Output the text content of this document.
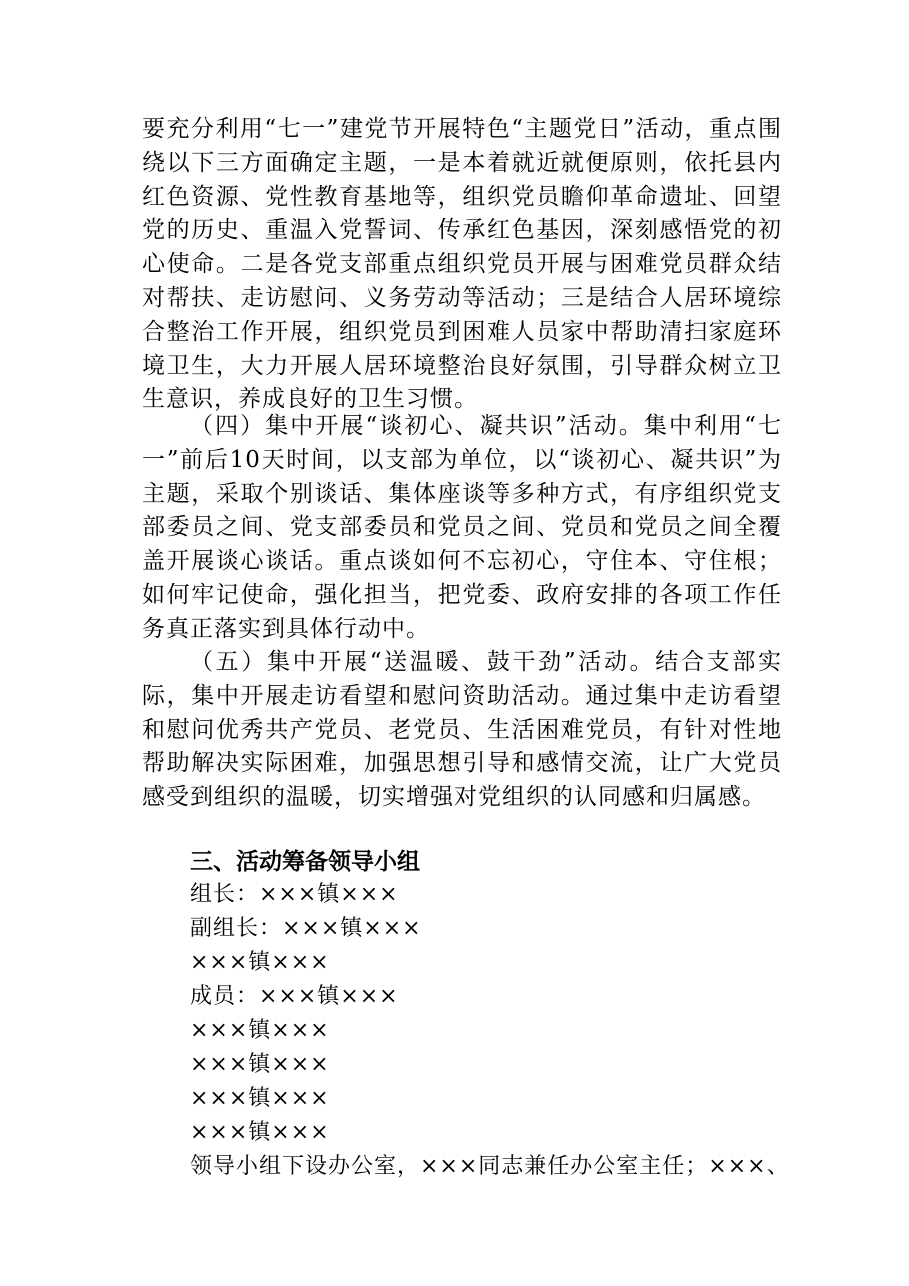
要充分利用“七一”建党节开展特色“主题党日”活动，重点围绕以下三方面确定主题，一是本着就近就便原则，依托县内红色资源、党性教育基地等，组织党员瞻仰革命遗址、回望党的历史、重温入党誓词、传承红色基因，深刻感悟党的初心使命。二是各党支部重点组织党员开展与困难党员群众结对帮扶、走访慰问、义务劳动等活动；三是结合人居环境综合整治工作开展，组织党员到困难人员家中帮助清扫家庭环境卫生，大力开展人居环境整治良好氛围，引导群众树立卫生意识，养成良好的卫生习惯。

（四）集中开展“谈初心、凝共识”活动。集中利用“七一”前后10天时间，以支部为单位，以“谈初心、凝共识”为主题，采取个别谈话、集体座谈等多种方式，有序组织党支部委员之间、党支部委员和党员之间、党员和党员之间全覆盖开展谈心谈话。重点谈如何不忘初心，守住本、守住根；如何牢记使命，强化担当，把党委、政府安排的各项工作任务真正落实到具体行动中。

（五）集中开展“送温暖、鼓干劲”活动。结合支部实际，集中开展走访看望和慰问资助活动。通过集中走访看望和慰问优秀共产党员、老党员、生活困难党员，有针对性地帮助解决实际困难，加强思想引导和感情交流，让广大党员感受到组织的温暖，切实增强对党组织的认同感和归属感。

三、活动筹备领导小组

组长：×××镇×××

副组长：×××镇×××

×××镇×××

成员：×××镇×××

×××镇×××

×××镇×××

×××镇×××

×××镇×××

领导小组下设办公室，×××同志兼任办公室主任；×××、
